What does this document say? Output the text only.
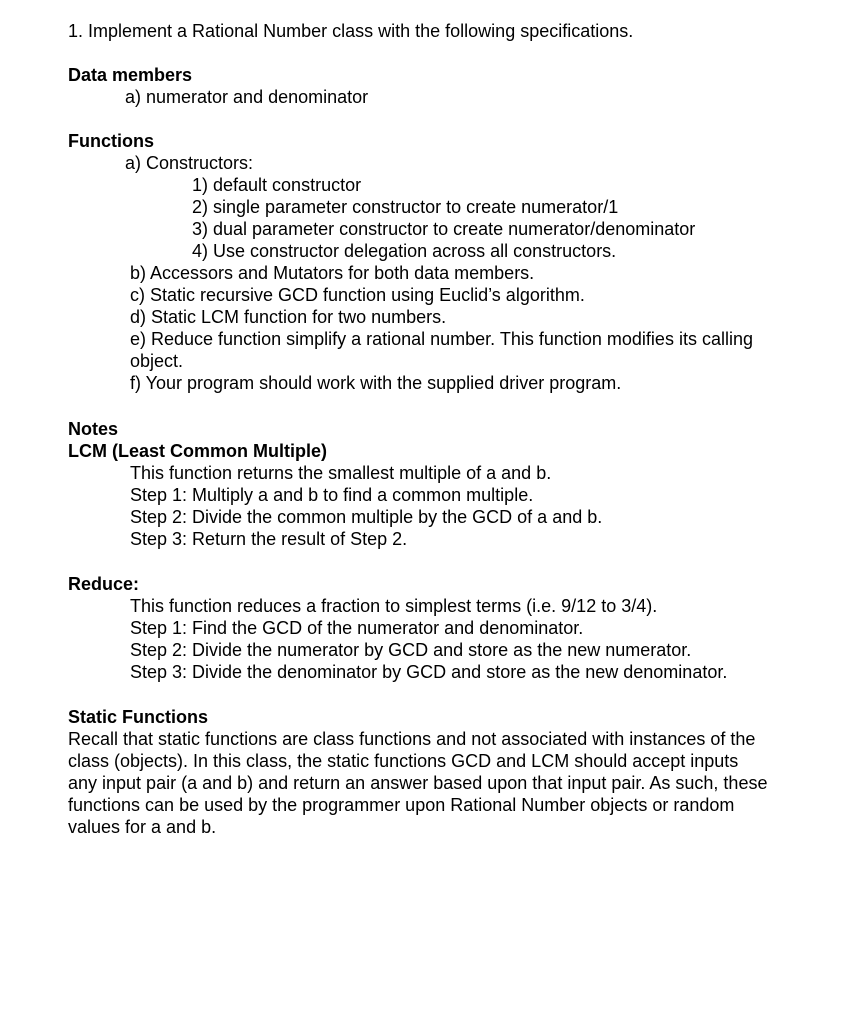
1. Implement a Rational Number class with the following specifications.
Data members
a) numerator and denominator
Functions
a) Constructors:
1) default constructor
2) single parameter constructor to create numerator/1
3) dual parameter constructor to create numerator/denominator
4) Use constructor delegation across all constructors.
b) Accessors and Mutators for both data members.
c) Static recursive GCD function using Euclid’s algorithm.
d) Static LCM function for two numbers.
e) Reduce function simplify a rational number. This function modifies its calling
object.
f) Your program should work with the supplied driver program.
Notes
LCM (Least Common Multiple)
This function returns the smallest multiple of a and b.
Step 1: Multiply a and b to find a common multiple.
Step 2: Divide the common multiple by the GCD of a and b.
Step 3: Return the result of Step 2.
Reduce:
This function reduces a fraction to simplest terms (i.e. 9/12 to 3/4).
Step 1: Find the GCD of the numerator and denominator.
Step 2: Divide the numerator by GCD and store as the new numerator.
Step 3: Divide the denominator by GCD and store as the new denominator.
Static Functions
Recall that static functions are class functions and not associated with instances of the
class (objects). In this class, the static functions GCD and LCM should accept inputs
any input pair (a and b) and return an answer based upon that input pair. As such, these
functions can be used by the programmer upon Rational Number objects or random
values for a and b.
